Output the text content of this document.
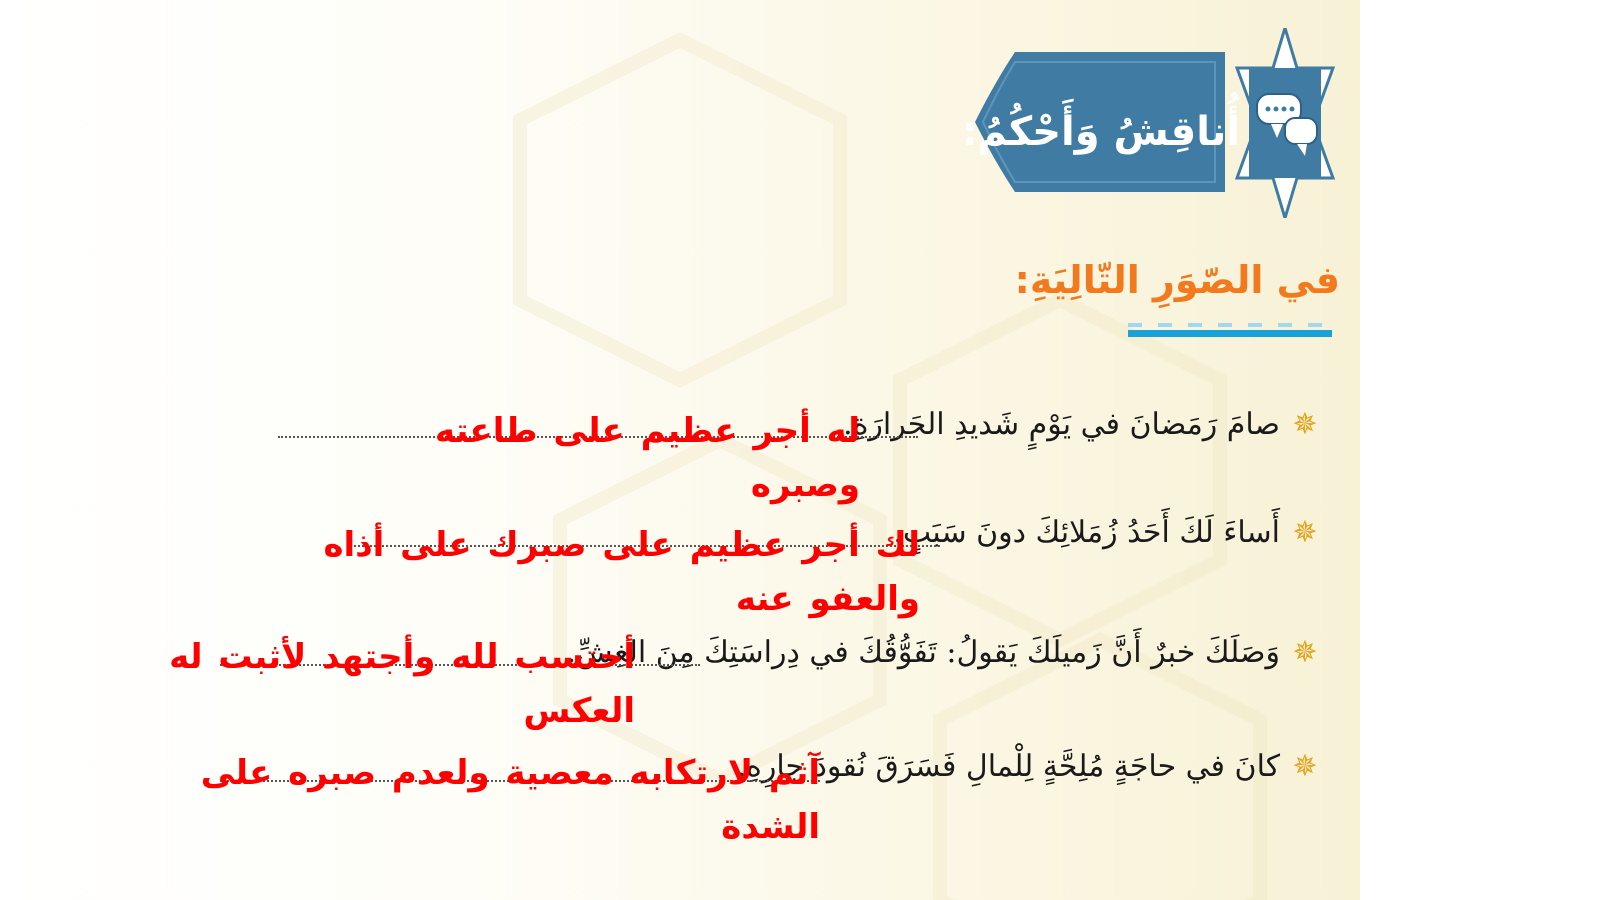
أُناقِشُ وَأَحْكُمُ:
في الصّوَرِ التّالِيَةِ:
✵
صامَ رَمَضانَ في يَوْمٍ شَديدِ الحَرارَةِ.
له أجر عظيم على طاعته وصبره
✵
أَساءَ لَكَ أَحَدُ زُمَلائِكَ دونَ سَبَبٍ.
لك أجر عظيم على صبرك على أذاه والعفو عنه
✵
وَصَلَكَ خبرٌ أَنَّ زَميلَكَ يَقولُ: تَفَوُّقُكَ في دِراسَتِكَ مِنَ الغِشِّ.
أحتسب لله وأجتهد لأثبت له العكس
✵
كانَ في حاجَةٍ مُلِحَّةٍ لِلْمالِ فَسَرَقَ نُقودَ جارِهِ.
آثم لارتكابه معصية ولعدم صبره على الشدة
